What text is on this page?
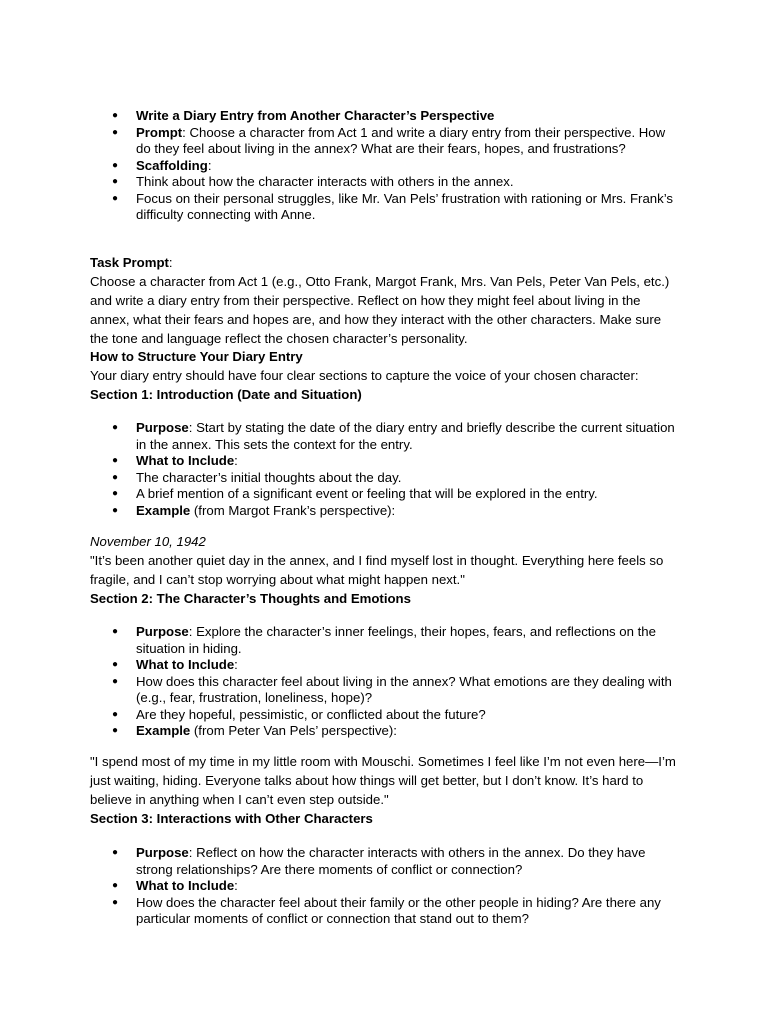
● Write a Diary Entry from Another Character’s Perspective
● Prompt: Choose a character from Act 1 and write a diary entry from their perspective. How do they feel about living in the annex? What are their fears, hopes, and frustrations?
● Scaffolding:
● Think about how the character interacts with others in the annex.
● Focus on their personal struggles, like Mr. Van Pels’ frustration with rationing or Mrs. Frank’s difficulty connecting with Anne.

Task Prompt:
Choose a character from Act 1 (e.g., Otto Frank, Margot Frank, Mrs. Van Pels, Peter Van Pels, etc.) and write a diary entry from their perspective. Reflect on how they might feel about living in the annex, what their fears and hopes are, and how they interact with the other characters. Make sure the tone and language reflect the chosen character’s personality.

How to Structure Your Diary Entry

Your diary entry should have four clear sections to capture the voice of your chosen character:

Section 1: Introduction (Date and Situation)

● Purpose: Start by stating the date of the diary entry and briefly describe the current situation in the annex. This sets the context for the entry.
● What to Include:
● The character’s initial thoughts about the day.
● A brief mention of a significant event or feeling that will be explored in the entry.
● Example (from Margot Frank’s perspective):

November 10, 1942

"It’s been another quiet day in the annex, and I find myself lost in thought. Everything here feels so fragile, and I can’t stop worrying about what might happen next."

Section 2: The Character’s Thoughts and Emotions

● Purpose: Explore the character’s inner feelings, their hopes, fears, and reflections on the situation in hiding.
● What to Include:
● How does this character feel about living in the annex? What emotions are they dealing with (e.g., fear, frustration, loneliness, hope)?
● Are they hopeful, pessimistic, or conflicted about the future?
● Example (from Peter Van Pels’ perspective):

"I spend most of my time in my little room with Mouschi. Sometimes I feel like I’m not even here—I’m just waiting, hiding. Everyone talks about how things will get better, but I don’t know. It’s hard to believe in anything when I can’t even step outside."

Section 3: Interactions with Other Characters

● Purpose: Reflect on how the character interacts with others in the annex. Do they have strong relationships? Are there moments of conflict or connection?
● What to Include:
● How does the character feel about their family or the other people in hiding? Are there any particular moments of conflict or connection that stand out to them?
